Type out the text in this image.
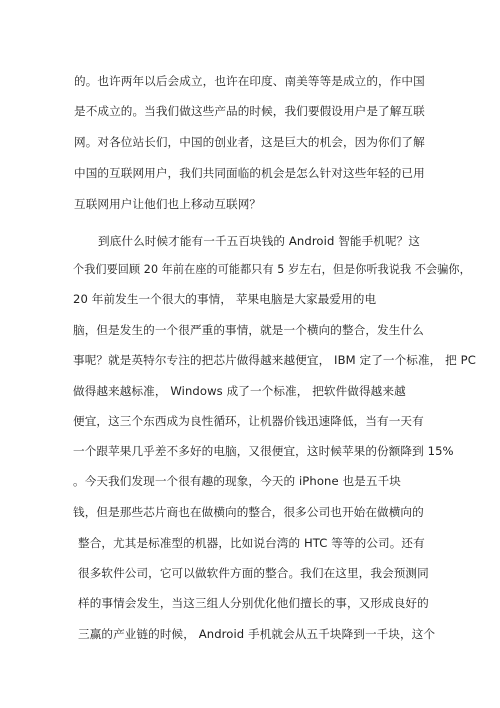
的。也许两年以后会成立，也许在印度、南美等等是成立的，作中国
是不成立的。当我们做这些产品的时候，我们要假设用户是了解互联
网。对各位站长们，中国的创业者，这是巨大的机会，因为你们了解
中国的互联网用户，我们共同面临的机会是怎么针对这些年轻的已用
互联网用户让他们也上移动互联网？
到底什么时候才能有一千五百块钱的 Android 智能手机呢？这
个我们要回顾 20 年前在座的可能都只有 5 岁左右，但是你听我说我 不会骗你，
20 年前发生一个很大的事情， 苹果电脑是大家最爱用的电
脑，但是发生的一个很严重的事情，就是一个横向的整合，发生什么
事呢？就是英特尔专注的把芯片做得越来越便宜， IBM 定了一个标准， 把 PC
做得越来越标准， Windows 成了一个标准， 把软件做得越来越
便宜，这三个东西成为良性循环，让机器价钱迅速降低，当有一天有
一个跟苹果几乎差不多好的电脑，又很便宜，这时候苹果的份额降到 15%
。今天我们发现一个很有趣的现象，今天的 iPhone 也是五千块
钱，但是那些芯片商也在做横向的整合，很多公司也开始在做横向的
整合，尤其是标准型的机器，比如说台湾的 HTC 等等的公司。还有
很多软件公司，它可以做软件方面的整合。我们在这里，我会预测同
样的事情会发生，当这三组人分别优化他们擅长的事，又形成良好的
三赢的产业链的时候， Android 手机就会从五千块降到一千块，这个
